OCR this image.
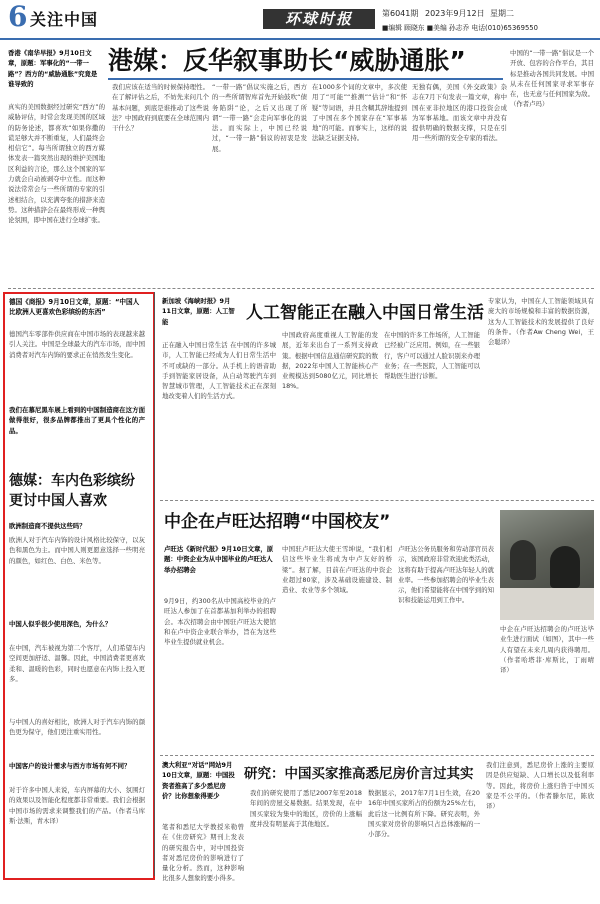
6 关注中国	环球时报	第6041期 2023年9月12日 星期二
■编辑 顾晓东 ■美编 孙志乔 电话(010)65369550
香港《南华早报》9月10日文章，原题：军事化的“一带一路”？西方的“威胁通胀”究竟是谁导致的
港媒：反华叙事助长“威胁通胀”

真实的美国数据经过研究“西方”的威胁评估，时常会发现美国的区域的防务论述，都喜欢“如果你撒的谎足够大并不断重复，人们最终会相信它”。每当所谓独立的西方媒体发表一篇突然出现的维护美国地区利益的言论，那么这个国家的军力就会自动被剥夺中立性。而这种说法常常会与一些所谓的专家的引述相结合，以充满夸张的措辞来造势。这种措辞会在最终形成一种舆论氛围，即中国在进行全球扩张。

我们应该在适当的时候保持理性。在了解评估之后，不妨先来问几个基本问题，到底是谁推动了这些说法？中国政府到底要在全球范围内干什么？

“一带一路”倡议实施之后，西方的一些所谓智库首先开始鼓吹“债务陷阱”论，之后又出现了所谓“一带一路”会走向军事化的说法。而实际上，中国已经说过，“一带一路”倡议的初衷是发展。

在1000多个词的文章中，多次使用了“可能”“推测”“估计”和“怀疑”等词语，并且含糊其辞地提到了中国在多个国家存在“军事基地”的可能。而事实上，这样的说法缺乏证据支持。

无独有偶，美国《外交政策》杂志在7月下旬发表一篇文章，称中国在亚非拉地区的港口投资会成为军事基地。而该文章中并没有提供明确的数据支撑，只是在引用一些所谓的安全专家的看法。

中国的“一带一路”倡议是一个开放、包容的合作平台，其目标是推动各国共同发展。中国从未在任何国家寻求军事存在，也无意与任何国家为敌。（作者卢玛）

德国《商报》9月10日文章，原题：“中国人比欧洲人更喜欢色彩缤纷的东西”

德国汽车零部件供应商在中国市场的表现越来越引人关注。中国是全球最大的汽车市场，而中国消费者对汽车内饰的要求正在悄然发生变化。

我们在慕尼黑车展上看到的中国制造商在这方面做得很好，很多品牌都推出了更具个性化的产品。

德媒：车内色彩缤纷更讨中国人喜欢

欧洲制造商不提供这些吗？

欧洲人对于汽车内饰的设计风格比较保守，以灰色和黑色为主。而中国人则更愿意选择一些明亮的颜色，如红色、白色、米色等。

中国人似乎很少使用深色，为什么？

在中国，汽车被视为第二个客厅，人们希望车内空间更加舒适、温馨。因此，中国消费者更喜欢柔和、温暖的色彩，同时也愿意在内饰上投入更多。

与中国人的喜好相比，欧洲人对于汽车内饰的颜色更为保守，他们更注重实用性。

中国客户的设计需求与西方市场有何不同？

对于许多中国人来说，车内屏幕的大小、氛围灯的效果以及智能化程度都非常重要。我们会根据中国市场的需求来调整我们的产品。（作者马库斯·法斯，青木译）

新加坡《海峡时报》9月11日文章，原题：人工智能	人工智能正在融入中国日常生活

正在融入中国日常生活 在中国的许多城市，人工智能已经成为人们日常生活中不可或缺的一部分。从手机上的语音助手到智能家居设备，从自动驾驶汽车到智慧城市管理，人工智能技术正在深刻地改变着人们的生活方式。

中国政府高度重视人工智能的发展，近年来出台了一系列支持政策。根据中国信息通信研究院的数据，2022年中国人工智能核心产业规模达到5080亿元，同比增长18%。

在中国的许多工作场所，人工智能已经被广泛应用。例如，在一些银行，客户可以通过人脸识别来办理业务；在一些医院，人工智能可以帮助医生进行诊断。

专家认为，中国在人工智能领域具有庞大的市场规模和丰富的数据资源，这为人工智能技术的发展提供了良好的条件。（作者Aw Cheng Wei，王会聪译）

中企在卢旺达招聘“中国校友”
卢旺达《新时代报》9月10日文章，原题：中资企业为从中国毕业的卢旺达人举办招聘会

9月9日，约300名从中国高校毕业的卢旺达人参加了在首都基加利举办的招聘会。本次招聘会由中国驻卢旺达大使馆和在卢中资企业联合举办，旨在为这些毕业生提供就业机会。

中国驻卢旺达大使王雪坤说，“我们相信这些毕业生将成为中卢友好的桥梁”。据了解，目前在卢旺达的中资企业超过80家，涉及基础设施建设、制造业、农业等多个领域。

卢旺达公务员服务和劳动部官员表示，该国政府非常欢迎此类活动，这将有助于提高卢旺达年轻人的就业率。一些参加招聘会的毕业生表示，他们希望能将在中国学到的知识和技能运用到工作中。

中企在卢旺达招聘会的卢旺达毕业生进行面试（如图），其中一些人有望在未来几周内获得聘用。（作者哈塔菲·库斯比，丁雨晴译）

澳大利亚“对话”网站9月10日文章，原题：中国投资者推高了多少悉尼房价？比你想象得要少
研究：中国买家推高悉尼房价言过其实

笔者和悉尼大学教授米勒曾在《住房研究》期刊上发表的研究报告中，对中国投资者对悉尼房价的影响进行了量化分析。然而，这种影响比很多人想象的要小得多。

我们的研究使用了悉尼2007年至2018年间的房屋交易数据。结果发现，在中国买家较为集中的地区，房价的上涨幅度并没有明显高于其他地区。

数据显示，2017年7月1日生效，在2016年中国买家所占的份额为25%左右，此后这一比例有所下降。研究表明，外国买家对房价的影响只占总体涨幅的一小部分。

我们注意到，悉尼房价上涨的主要原因是供应短缺、人口增长以及低利率等。因此，将房价上涨归咎于中国买家是不公平的。（作者滕尔尼，陈欣译）
